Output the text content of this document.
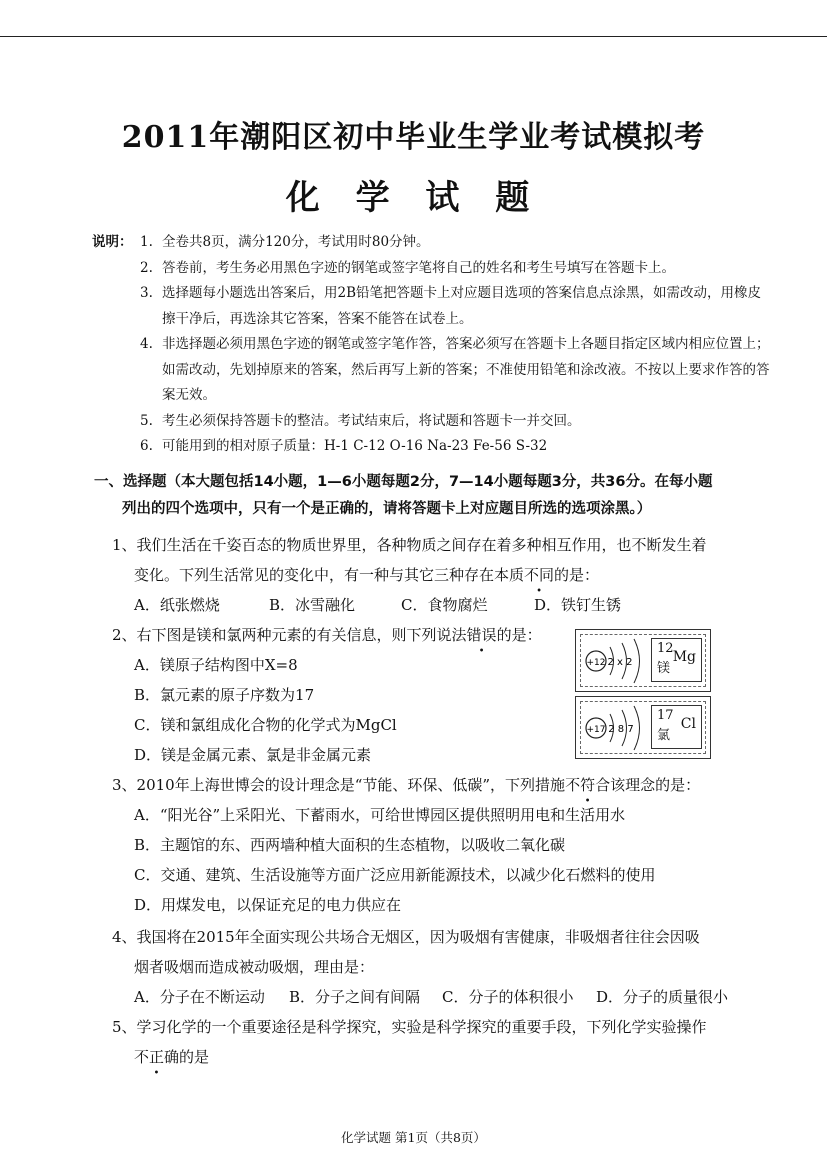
2011年潮阳区初中毕业生学业考试模拟考
化 学 试 题
说明： 1. 全卷共8页，满分120分，考试用时80分钟。
2. 答卷前，考生务必用黑色字迹的钢笔或签字笔将自己的姓名和考生号填写在答题卡上。
3. 选择题每小题选出答案后，用2B铅笔把答题卡上对应题目选项的答案信息点涂黑，如需改动，用橡皮擦干净后，再选涂其它答案，答案不能答在试卷上。
4. 非选择题必须用黑色字迹的钢笔或签字笔作答，答案必须写在答题卡上各题目指定区域内相应位置上；如需改动，先划掉原来的答案，然后再写上新的答案；不准使用铅笔和涂改液。不按以上要求作答的答案无效。
5. 考生必须保持答题卡的整洁。考试结束后，将试题和答题卡一并交回。
6. 可能用到的相对原子质量：H-1 C-12 O-16 Na-23 Fe-56 S-32
一、选择题（本大题包括14小题，1—6小题每题2分，7—14小题每题3分，共36分。在每小题
列出的四个选项中，只有一个是正确的，请将答题卡上对应题目所选的选项涂黑。）
1、我们生活在千姿百态的物质世界里，各种物质之间存在着多种相互作用，也不断发生着
变化。下列生活常见的变化中，有一种与其它三种存在本质不同的是：
A．纸张燃烧	B．冰雪融化	C．食物腐烂	D．铁钉生锈
2、右下图是镁和氯两种元素的有关信息，则下列说法错误的是：
A．镁原子结构图中X=8
B．氯元素的原子序数为17
C．镁和氯组成化合物的化学式为MgCl
D．镁是金属元素、氯是非金属元素
+12 2 x 2
12
镁
Mg
+17 2 8 7
17
氯
Cl
3、2010年上海世博会的设计理念是“节能、环保、低碳”，下列措施不符合该理念的是：
A．“阳光谷”上采阳光、下蓄雨水，可给世博园区提供照明用电和生活用水
B．主题馆的东、西两墙种植大面积的生态植物，以吸收二氧化碳
C．交通、建筑、生活设施等方面广泛应用新能源技术，以减少化石燃料的使用
D．用煤发电，以保证充足的电力供应在
4、我国将在2015年全面实现公共场合无烟区，因为吸烟有害健康，非吸烟者往往会因吸
烟者吸烟而造成被动吸烟，理由是：
A．分子在不断运动 B．分子之间有间隔 C．分子的体积很小 D．分子的质量很小
5、学习化学的一个重要途径是科学探究，实验是科学探究的重要手段，下列化学实验操作
不正确的是
化学试题 第1页（共8页）
